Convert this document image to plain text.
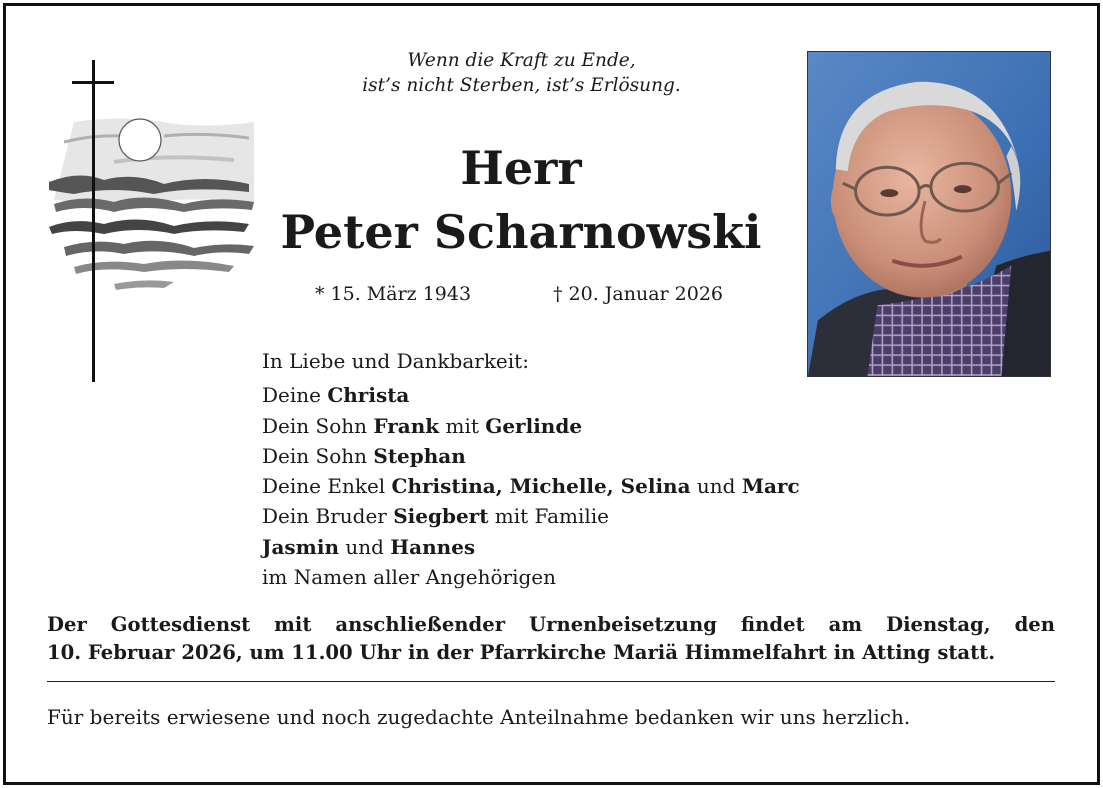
Wenn die Kraft zu Ende,
ist’s nicht Sterben, ist’s Erlösung.
Herr
Peter Scharnowski
* 15. März 1943	† 20. Januar 2026
In Liebe und Dankbarkeit:
Deine Christa
Dein Sohn Frank mit Gerlinde
Dein Sohn Stephan
Deine Enkel Christina, Michelle, Selina und Marc
Dein Bruder Siegbert mit Familie
Jasmin und Hannes
im Namen aller Angehörigen
Der Gottesdienst mit anschließender Urnenbeisetzung findet am Dienstag, den
10. Februar 2026, um 11.00 Uhr in der Pfarrkirche Mariä Himmelfahrt in Atting statt.
Für bereits erwiesene und noch zugedachte Anteilnahme bedanken wir uns herzlich.
